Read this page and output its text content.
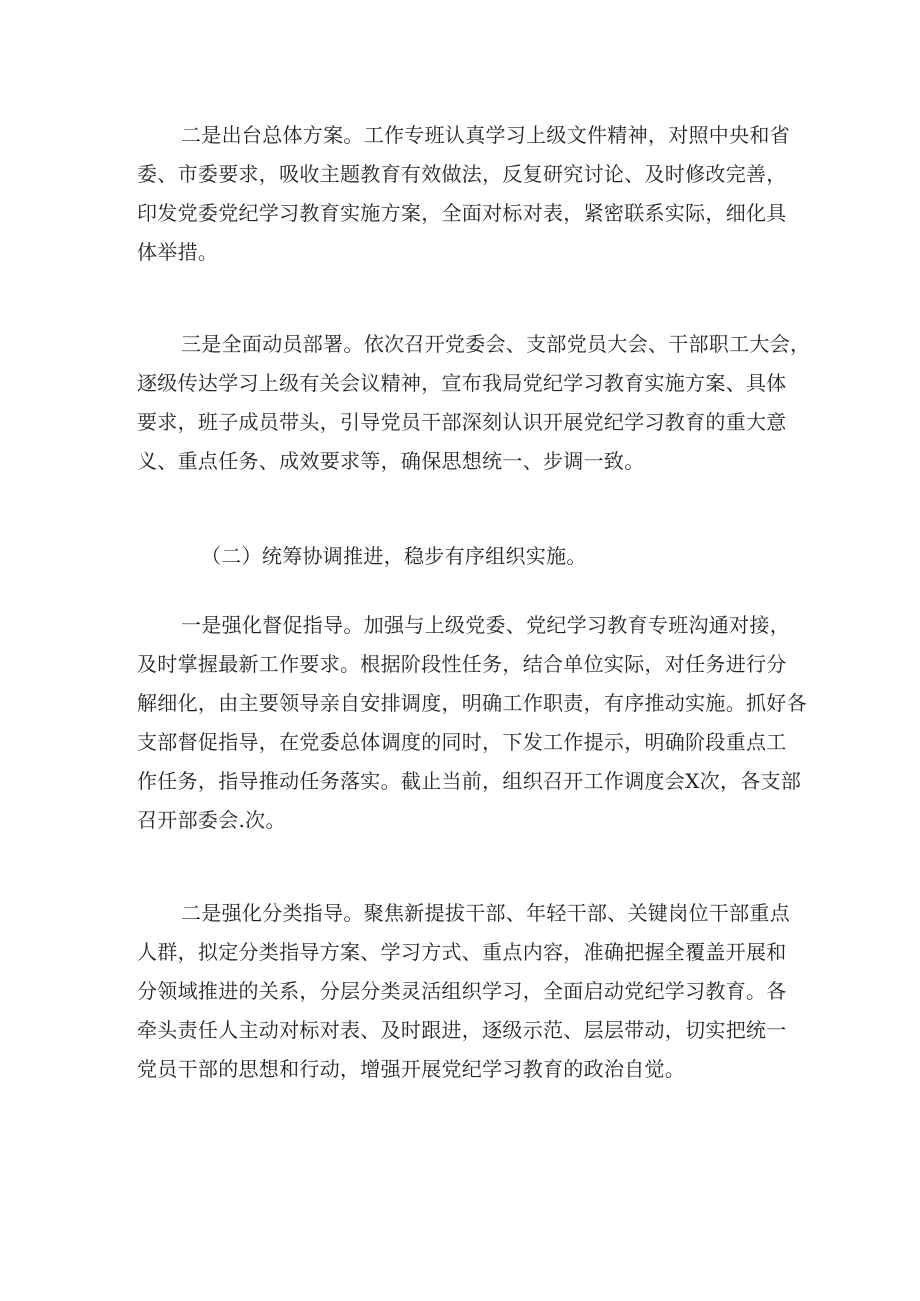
二是出台总体方案。工作专班认真学习上级文件精神，对照中央和省
委、市委要求，吸收主题教育有效做法，反复研究讨论、及时修改完善，
印发党委党纪学习教育实施方案，全面对标对表，紧密联系实际，细化具
体举措。
三是全面动员部署。依次召开党委会、支部党员大会、干部职工大会，
逐级传达学习上级有关会议精神，宣布我局党纪学习教育实施方案、具体
要求，班子成员带头，引导党员干部深刻认识开展党纪学习教育的重大意
义、重点任务、成效要求等，确保思想统一、步调一致。
（二）统筹协调推进，稳步有序组织实施。
一是强化督促指导。加强与上级党委、党纪学习教育专班沟通对接，
及时掌握最新工作要求。根据阶段性任务，结合单位实际，对任务进行分
解细化，由主要领导亲自安排调度，明确工作职责，有序推动实施。抓好各
支部督促指导，在党委总体调度的同时，下发工作提示，明确阶段重点工
作任务，指导推动任务落实。截止当前，组织召开工作调度会X次，各支部
召开部委会.次。
二是强化分类指导。聚焦新提拔干部、年轻干部、关键岗位干部重点
人群，拟定分类指导方案、学习方式、重点内容，准确把握全覆盖开展和
分领域推进的关系，分层分类灵活组织学习，全面启动党纪学习教育。各
牵头责任人主动对标对表、及时跟进，逐级示范、层层带动，切实把统一
党员干部的思想和行动，增强开展党纪学习教育的政治自觉。
